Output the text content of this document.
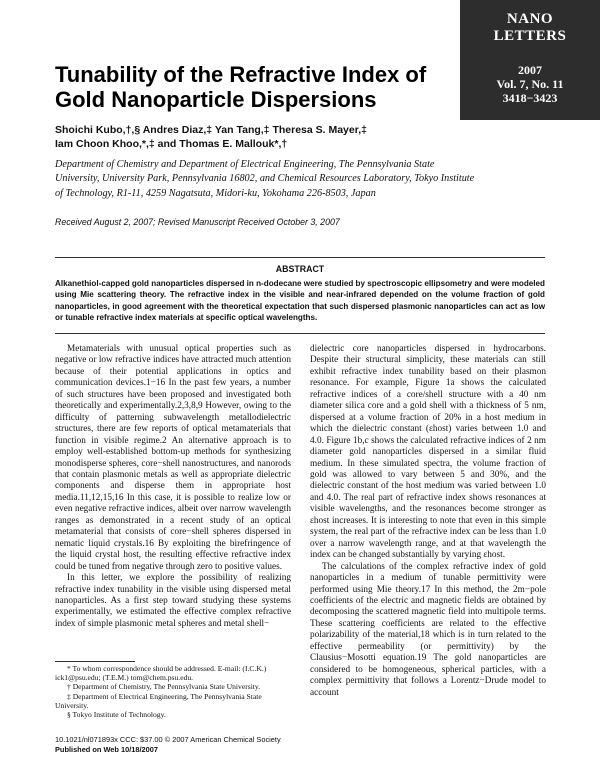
NANO
LETTERS
2007
Vol. 7, No. 11
3418−3423
Tunability of the Refractive Index of
Gold Nanoparticle Dispersions
Shoichi Kubo,†,§ Andres Diaz,‡ Yan Tang,‡ Theresa S. Mayer,‡
Iam Choon Khoo,*,‡ and Thomas E. Mallouk*,†
Department of Chemistry and Department of Electrical Engineering, The Pennsylvania State University, University Park, Pennsylvania 16802, and Chemical Resources Laboratory, Tokyo Institute of Technology, R1-11, 4259 Nagatsuta, Midori-ku, Yokohama 226-8503, Japan
Received August 2, 2007; Revised Manuscript Received October 3, 2007
ABSTRACT
Alkanethiol-capped gold nanoparticles dispersed in n-dodecane were studied by spectroscopic ellipsometry and were modeled using Mie scattering theory. The refractive index in the visible and near-infrared depended on the volume fraction of gold nanoparticles, in good agreement with the theoretical expectation that such dispersed plasmonic nanoparticles can act as low or tunable refractive index materials at specific optical wavelengths.

Metamaterials with unusual optical properties such as negative or low refractive indices have attracted much attention because of their potential applications in optics and communication devices.1−16 In the past few years, a number of such structures have been proposed and investigated both theoretically and experimentally.2,3,8,9 However, owing to the difficulty of patterning subwavelength metallodielectric structures, there are few reports of optical metamaterials that function in visible regime.2 An alternative approach is to employ well-established bottom-up methods for synthesizing monodisperse spheres, core−shell nanostructures, and nanorods that contain plasmonic metals as well as appropriate dielectric components and disperse them in appropriate host media.11,12,15,16 In this case, it is possible to realize low or even negative refractive indices, albeit over narrow wavelength ranges as demonstrated in a recent study of an optical metamaterial that consists of core−shell spheres dispersed in nematic liquid crystals.16 By exploiting the birefringence of the liquid crystal host, the resulting effective refractive index could be tuned from negative through zero to positive values.

In this letter, we explore the possibility of realizing refractive index tunability in the visible using dispersed metal nanoparticles. As a first step toward studying these systems experimentally, we estimated the effective complex refractive index of simple plasmonic metal spheres and metal shell−

dielectric core nanoparticles dispersed in hydrocarbons. Despite their structural simplicity, these materials can still exhibit refractive index tunability based on their plasmon resonance. For example, Figure 1a shows the calculated refractive indices of a core/shell structure with a 40 nm diameter silica core and a gold shell with a thickness of 5 nm, dispersed at a volume fraction of 20% in a host medium in which the dielectric constant (εhost) varies between 1.0 and 4.0. Figure 1b,c shows the calculated refractive indices of 2 nm diameter gold nanoparticles dispersed in a similar fluid medium. In these simulated spectra, the volume fraction of gold was allowed to vary between 5 and 30%, and the dielectric constant of the host medium was varied between 1.0 and 4.0. The real part of refractive index shows resonances at visible wavelengths, and the resonances become stronger as εhost increases. It is interesting to note that even in this simple system, the real part of the refractive index can be less than 1.0 over a narrow wavelength range, and at that wavelength the index can be changed substantially by varying εhost.

The calculations of the complex refractive index of gold nanoparticles in a medium of tunable permittivity were performed using Mie theory.17 In this method, the 2m−pole coefficients of the electric and magnetic fields are obtained by decomposing the scattered magnetic field into multipole terms. These scattering coefficients are related to the effective polarizability of the material,18 which is in turn related to the effective permeability (or permittivity) by the Clausius−Mosotti equation.19 The gold nanoparticles are considered to be homogeneous, spherical particles, with a complex permittivity that follows a Lorentz−Drude model to account

* To whom correspondence should be addressed. E-mail: (I.C.K.) ick1@psu.edu; (T.E.M.) tom@chem.psu.edu.
† Department of Chemistry, The Pennsylvania State University.
‡ Department of Electrical Engineering, The Pennsylvania State University.
§ Tokyo Institute of Technology.
10.1021/nl071893x CCC: $37.00 © 2007 American Chemical Society
Published on Web 10/18/2007
